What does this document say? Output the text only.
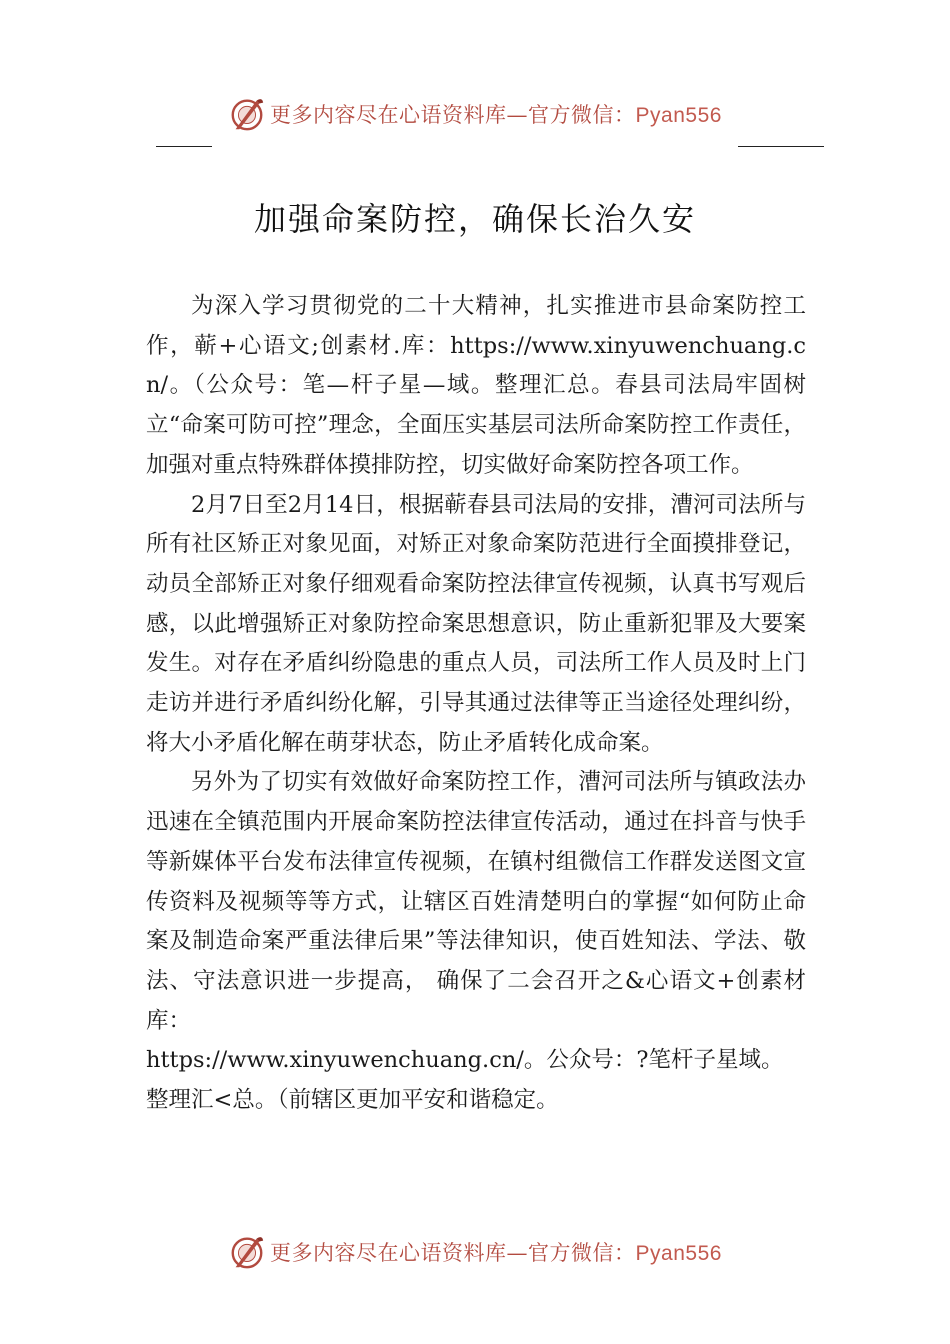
更多内容尽在心语资料库—官方微信：Pyan556
加强命案防控，确保长治久安

为深入学习贯彻党的二十大精神，扎实推进市县命案防控工作，蕲+心语文;创素材.库：https://www.xinyuwenchuang.cn/。（公众号：笔—杆子星—域。整理汇总。春县司法局牢固树立“命案可防可控”理念，全面压实基层司法所命案防控工作责任，加强对重点特殊群体摸排防控，切实做好命案防控各项工作。

2月7日至2月14日，根据蕲春县司法局的安排，漕河司法所与所有社区矫正对象见面，对矫正对象命案防范进行全面摸排登记，动员全部矫正对象仔细观看命案防控法律宣传视频，认真书写观后感，以此增强矫正对象防控命案思想意识，防止重新犯罪及大要案发生。对存在矛盾纠纷隐患的重点人员，司法所工作人员及时上门走访并进行矛盾纠纷化解，引导其通过法律等正当途径处理纠纷，将大小矛盾化解在萌芽状态，防止矛盾转化成命案。

另外为了切实有效做好命案防控工作，漕河司法所与镇政法办迅速在全镇范围内开展命案防控法律宣传活动，通过在抖音与快手等新媒体平台发布法律宣传视频，在镇村组微信工作群发送图文宣传资料及视频等等方式，让辖区百姓清楚明白的掌握“如何防止命案及制造命案严重法律后果”等法律知识，使百姓知法、学法、敬法、守法意识进一步提高， 确保了二会召开之&心语文+创素材库：

https://www.xinyuwenchuang.cn/。公众号：?笔杆子星域。

整理汇<总。（前辖区更加平安和谐稳定。

更多内容尽在心语资料库—官方微信：Pyan556
